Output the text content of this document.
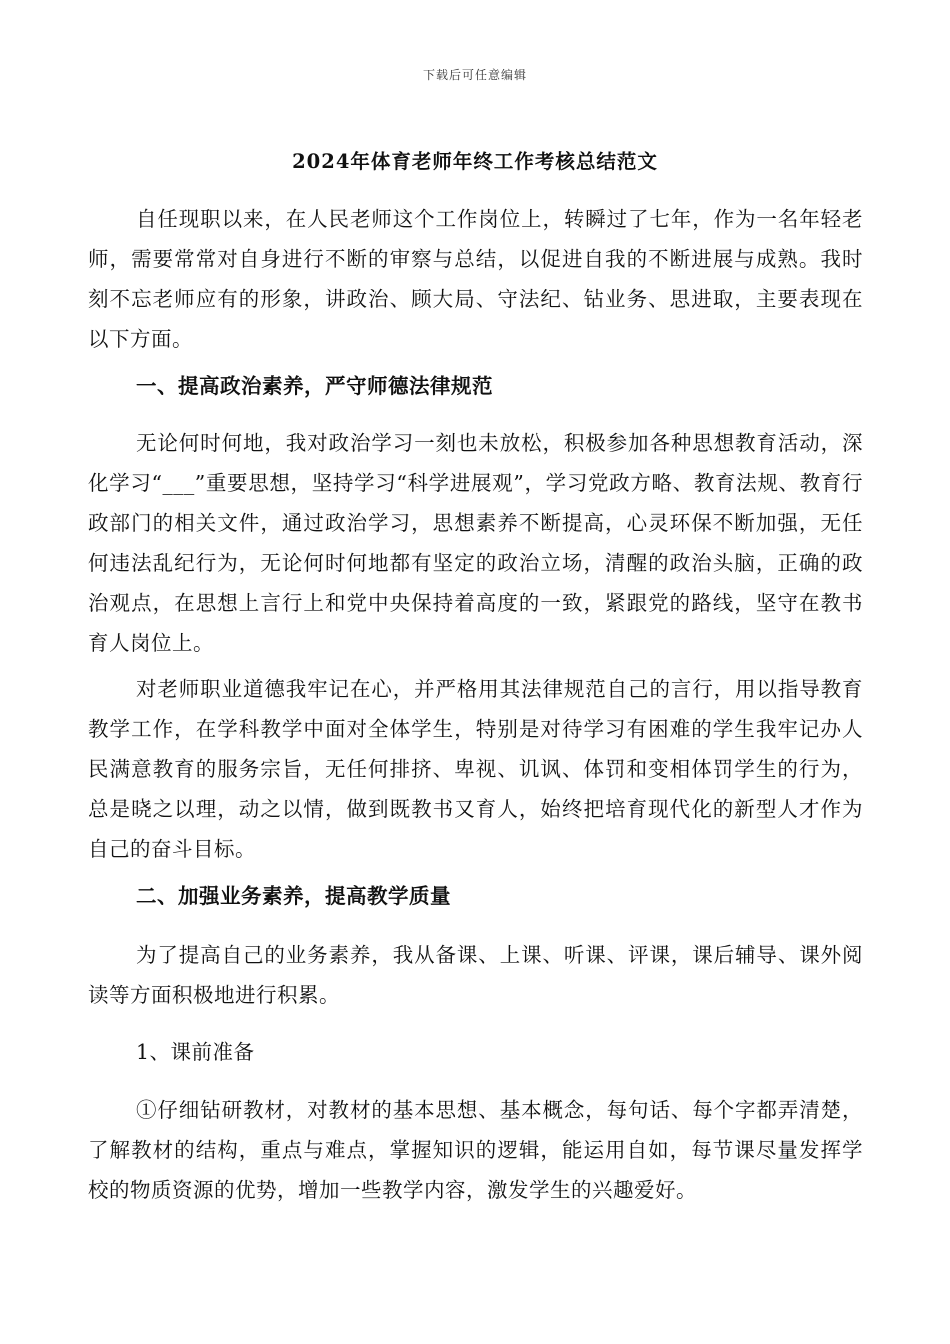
下载后可任意编辑
2024年体育老师年终工作考核总结范文

自任现职以来，在人民老师这个工作岗位上，转瞬过了七年，作为一名年轻老师，需要常常对自身进行不断的审察与总结，以促进自我的不断进展与成熟。我时刻不忘老师应有的形象，讲政治、顾大局、守法纪、钻业务、思进取，主要表现在以下方面。

一、提高政治素养，严守师德法律规范

无论何时何地，我对政治学习一刻也未放松，积极参加各种思想教育活动，深化学习“___”重要思想，坚持学习“科学进展观”，学习党政方略、教育法规、教育行政部门的相关文件，通过政治学习，思想素养不断提高，心灵环保不断加强，无任何违法乱纪行为，无论何时何地都有坚定的政治立场，清醒的政治头脑，正确的政治观点，在思想上言行上和党中央保持着高度的一致，紧跟党的路线，坚守在教书育人岗位上。

对老师职业道德我牢记在心，并严格用其法律规范自己的言行，用以指导教育教学工作，在学科教学中面对全体学生，特别是对待学习有困难的学生我牢记办人民满意教育的服务宗旨，无任何排挤、卑视、讥讽、体罚和变相体罚学生的行为，总是晓之以理，动之以情，做到既教书又育人，始终把培育现代化的新型人才作为自己的奋斗目标。

二、加强业务素养，提高教学质量

为了提高自己的业务素养，我从备课、上课、听课、评课，课后辅导、课外阅读等方面积极地进行积累。

1、课前准备

①仔细钻研教材，对教材的基本思想、基本概念，每句话、每个字都弄清楚，了解教材的结构，重点与难点，掌握知识的逻辑，能运用自如，每节课尽量发挥学校的物质资源的优势，增加一些教学内容，激发学生的兴趣爱好。
